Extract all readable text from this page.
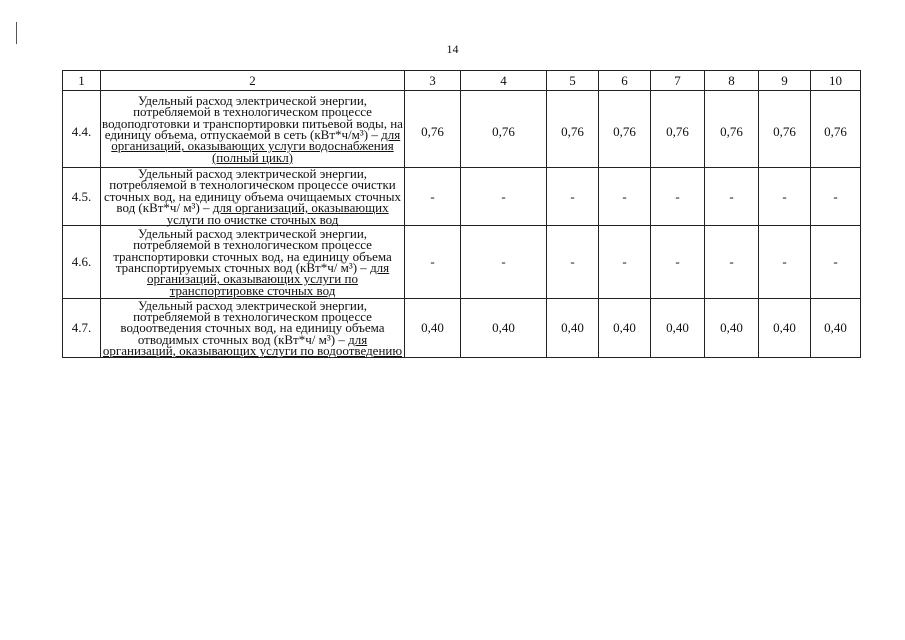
14
1	2	3	4	5	6	7	8	9	10
4.4.	Удельный расход электрической энергии, потребляемой в технологическом процессе водоподготовки и транспортировки питьевой воды, на единицу объема, отпускаемой в сеть (кВт*ч/м³) – для организаций, оказывающих услуги водоснабжения (полный цикл)	0,76	0,76	0,76	0,76	0,76	0,76	0,76	0,76
4.5.	Удельный расход электрической энергии, потребляемой в технологическом процессе очистки сточных вод, на единицу объема очищаемых сточных вод (кВт*ч/ м³) – для организаций, оказывающих услуги по очистке сточных вод	-	-	-	-	-	-	-	-
4.6.	Удельный расход электрической энергии, потребляемой в технологическом процессе транспортировки сточных вод, на единицу объема транспортируемых сточных вод (кВт*ч/ м³) – для организаций, оказывающих услуги по транспортировке сточных вод	-	-	-	-	-	-	-	-
4.7.	Удельный расход электрической энергии, потребляемой в технологическом процессе водоотведения сточных вод, на единицу объема отводимых сточных вод (кВт*ч/ м³) – для организаций, оказывающих услуги по водоотведению	0,40	0,40	0,40	0,40	0,40	0,40	0,40	0,40
